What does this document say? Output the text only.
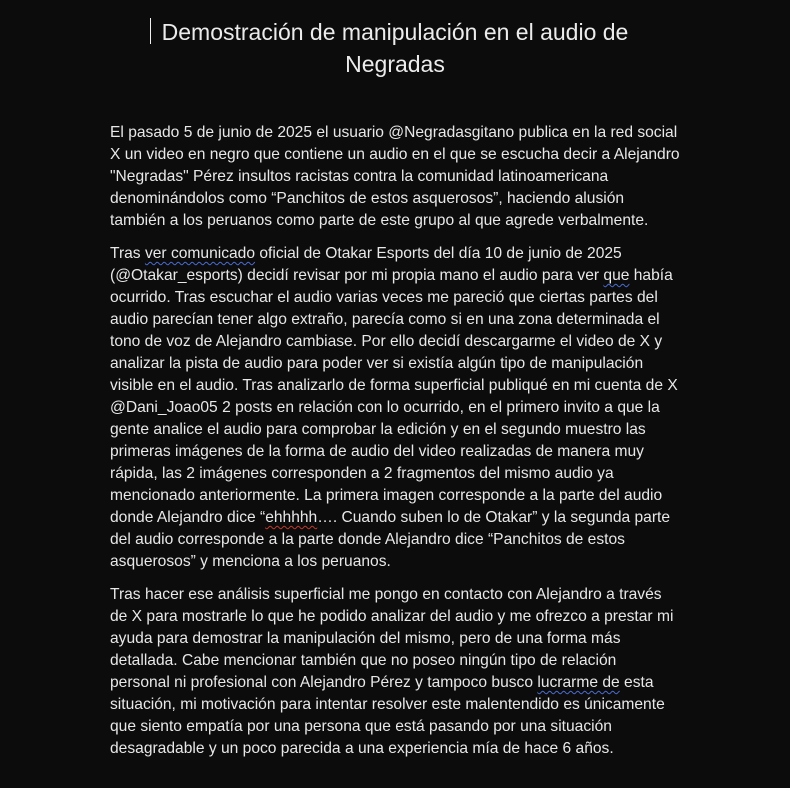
Demostración de manipulación en el audio de Negradas

El pasado 5 de junio de 2025 el usuario @Negradasgitano publica en la red social X un video en negro que contiene un audio en el que se escucha decir a Alejandro "Negradas" Pérez insultos racistas contra la comunidad latinoamericana denominándolos como “Panchitos de estos asquerosos”, haciendo alusión también a los peruanos como parte de este grupo al que agrede verbalmente.

Tras ver comunicado oficial de Otakar Esports del día 10 de junio de 2025 (@Otakar_esports) decidí revisar por mi propia mano el audio para ver que había ocurrido. Tras escuchar el audio varias veces me pareció que ciertas partes del audio parecían tener algo extraño, parecía como si en una zona determinada el tono de voz de Alejandro cambiase. Por ello decidí descargarme el video de X y analizar la pista de audio para poder ver si existía algún tipo de manipulación visible en el audio. Tras analizarlo de forma superficial publiqué en mi cuenta de X @Dani_Joao05 2 posts en relación con lo ocurrido, en el primero invito a que la gente analice el audio para comprobar la edición y en el segundo muestro las primeras imágenes de la forma de audio del video realizadas de manera muy rápida, las 2 imágenes corresponden a 2 fragmentos del mismo audio ya mencionado anteriormente. La primera imagen corresponde a la parte del audio donde Alejandro dice “ehhhhh…. Cuando suben lo de Otakar” y la segunda parte del audio corresponde a la parte donde Alejandro dice “Panchitos de estos asquerosos” y menciona a los peruanos.

Tras hacer ese análisis superficial me pongo en contacto con Alejandro a través de X para mostrarle lo que he podido analizar del audio y me ofrezco a prestar mi ayuda para demostrar la manipulación del mismo, pero de una forma más detallada. Cabe mencionar también que no poseo ningún tipo de relación personal ni profesional con Alejandro Pérez y tampoco busco lucrarme de esta situación, mi motivación para intentar resolver este malentendido es únicamente que siento empatía por una persona que está pasando por una situación desagradable y un poco parecida a una experiencia mía de hace 6 años.
